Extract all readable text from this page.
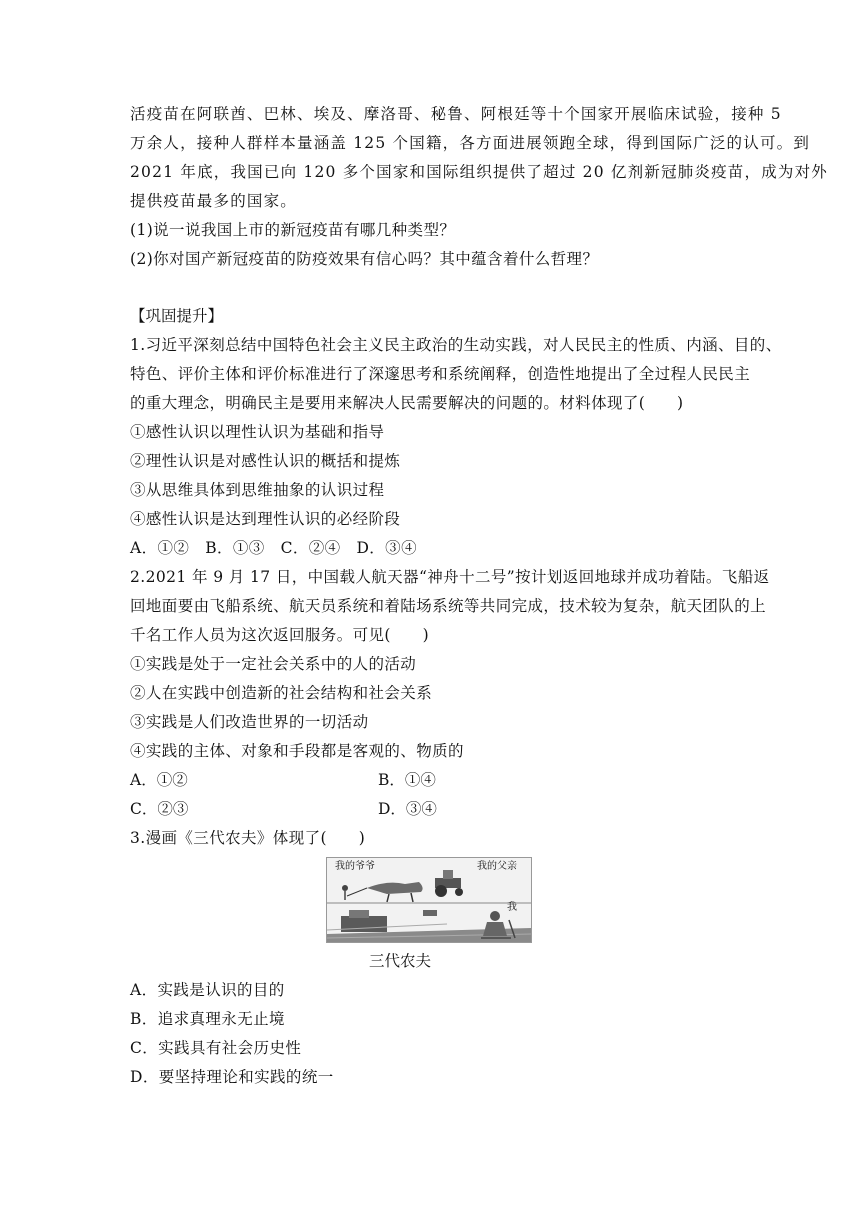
活疫苗在阿联酋、巴林、埃及、摩洛哥、秘鲁、阿根廷等十个国家开展临床试验，接种 5
万余人，接种人群样本量涵盖 125 个国籍，各方面进展领跑全球，得到国际广泛的认可。到
2021 年底，我国已向 120 多个国家和国际组织提供了超过 20 亿剂新冠肺炎疫苗，成为对外
提供疫苗最多的国家。
(1)说一说我国上市的新冠疫苗有哪几种类型？
(2)你对国产新冠疫苗的防疫效果有信心吗？其中蕴含着什么哲理？
【巩固提升】
1.习近平深刻总结中国特色社会主义民主政治的生动实践，对人民民主的性质、内涵、目的、
特色、评价主体和评价标准进行了深邃思考和系统阐释，创造性地提出了全过程人民民主
的重大理念，明确民主是要用来解决人民需要解决的问题的。材料体现了(　　)
①感性认识以理性认识为基础和指导
②理性认识是对感性认识的概括和提炼
③从思维具体到思维抽象的认识过程
④感性认识是达到理性认识的必经阶段
A．①②　B．①③　C．②④　D．③④
2.2021 年 9 月 17 日，中国载人航天器“神舟十二号”按计划返回地球并成功着陆。飞船返
回地面要由飞船系统、航天员系统和着陆场系统等共同完成，技术较为复杂，航天团队的上
千名工作人员为这次返回服务。可见(　　)
①实践是处于一定社会关系中的人的活动
②人在实践中创造新的社会结构和社会关系
③实践是人们改造世界的一切活动
④实践的主体、对象和手段都是客观的、物质的
A．①②	B．①④
C．②③	D．③④
3.漫画《三代农夫》体现了(　　)
我的爷爷	我的父亲
我
三代农夫
A．实践是认识的目的
B．追求真理永无止境
C．实践具有社会历史性
D．要坚持理论和实践的统一
